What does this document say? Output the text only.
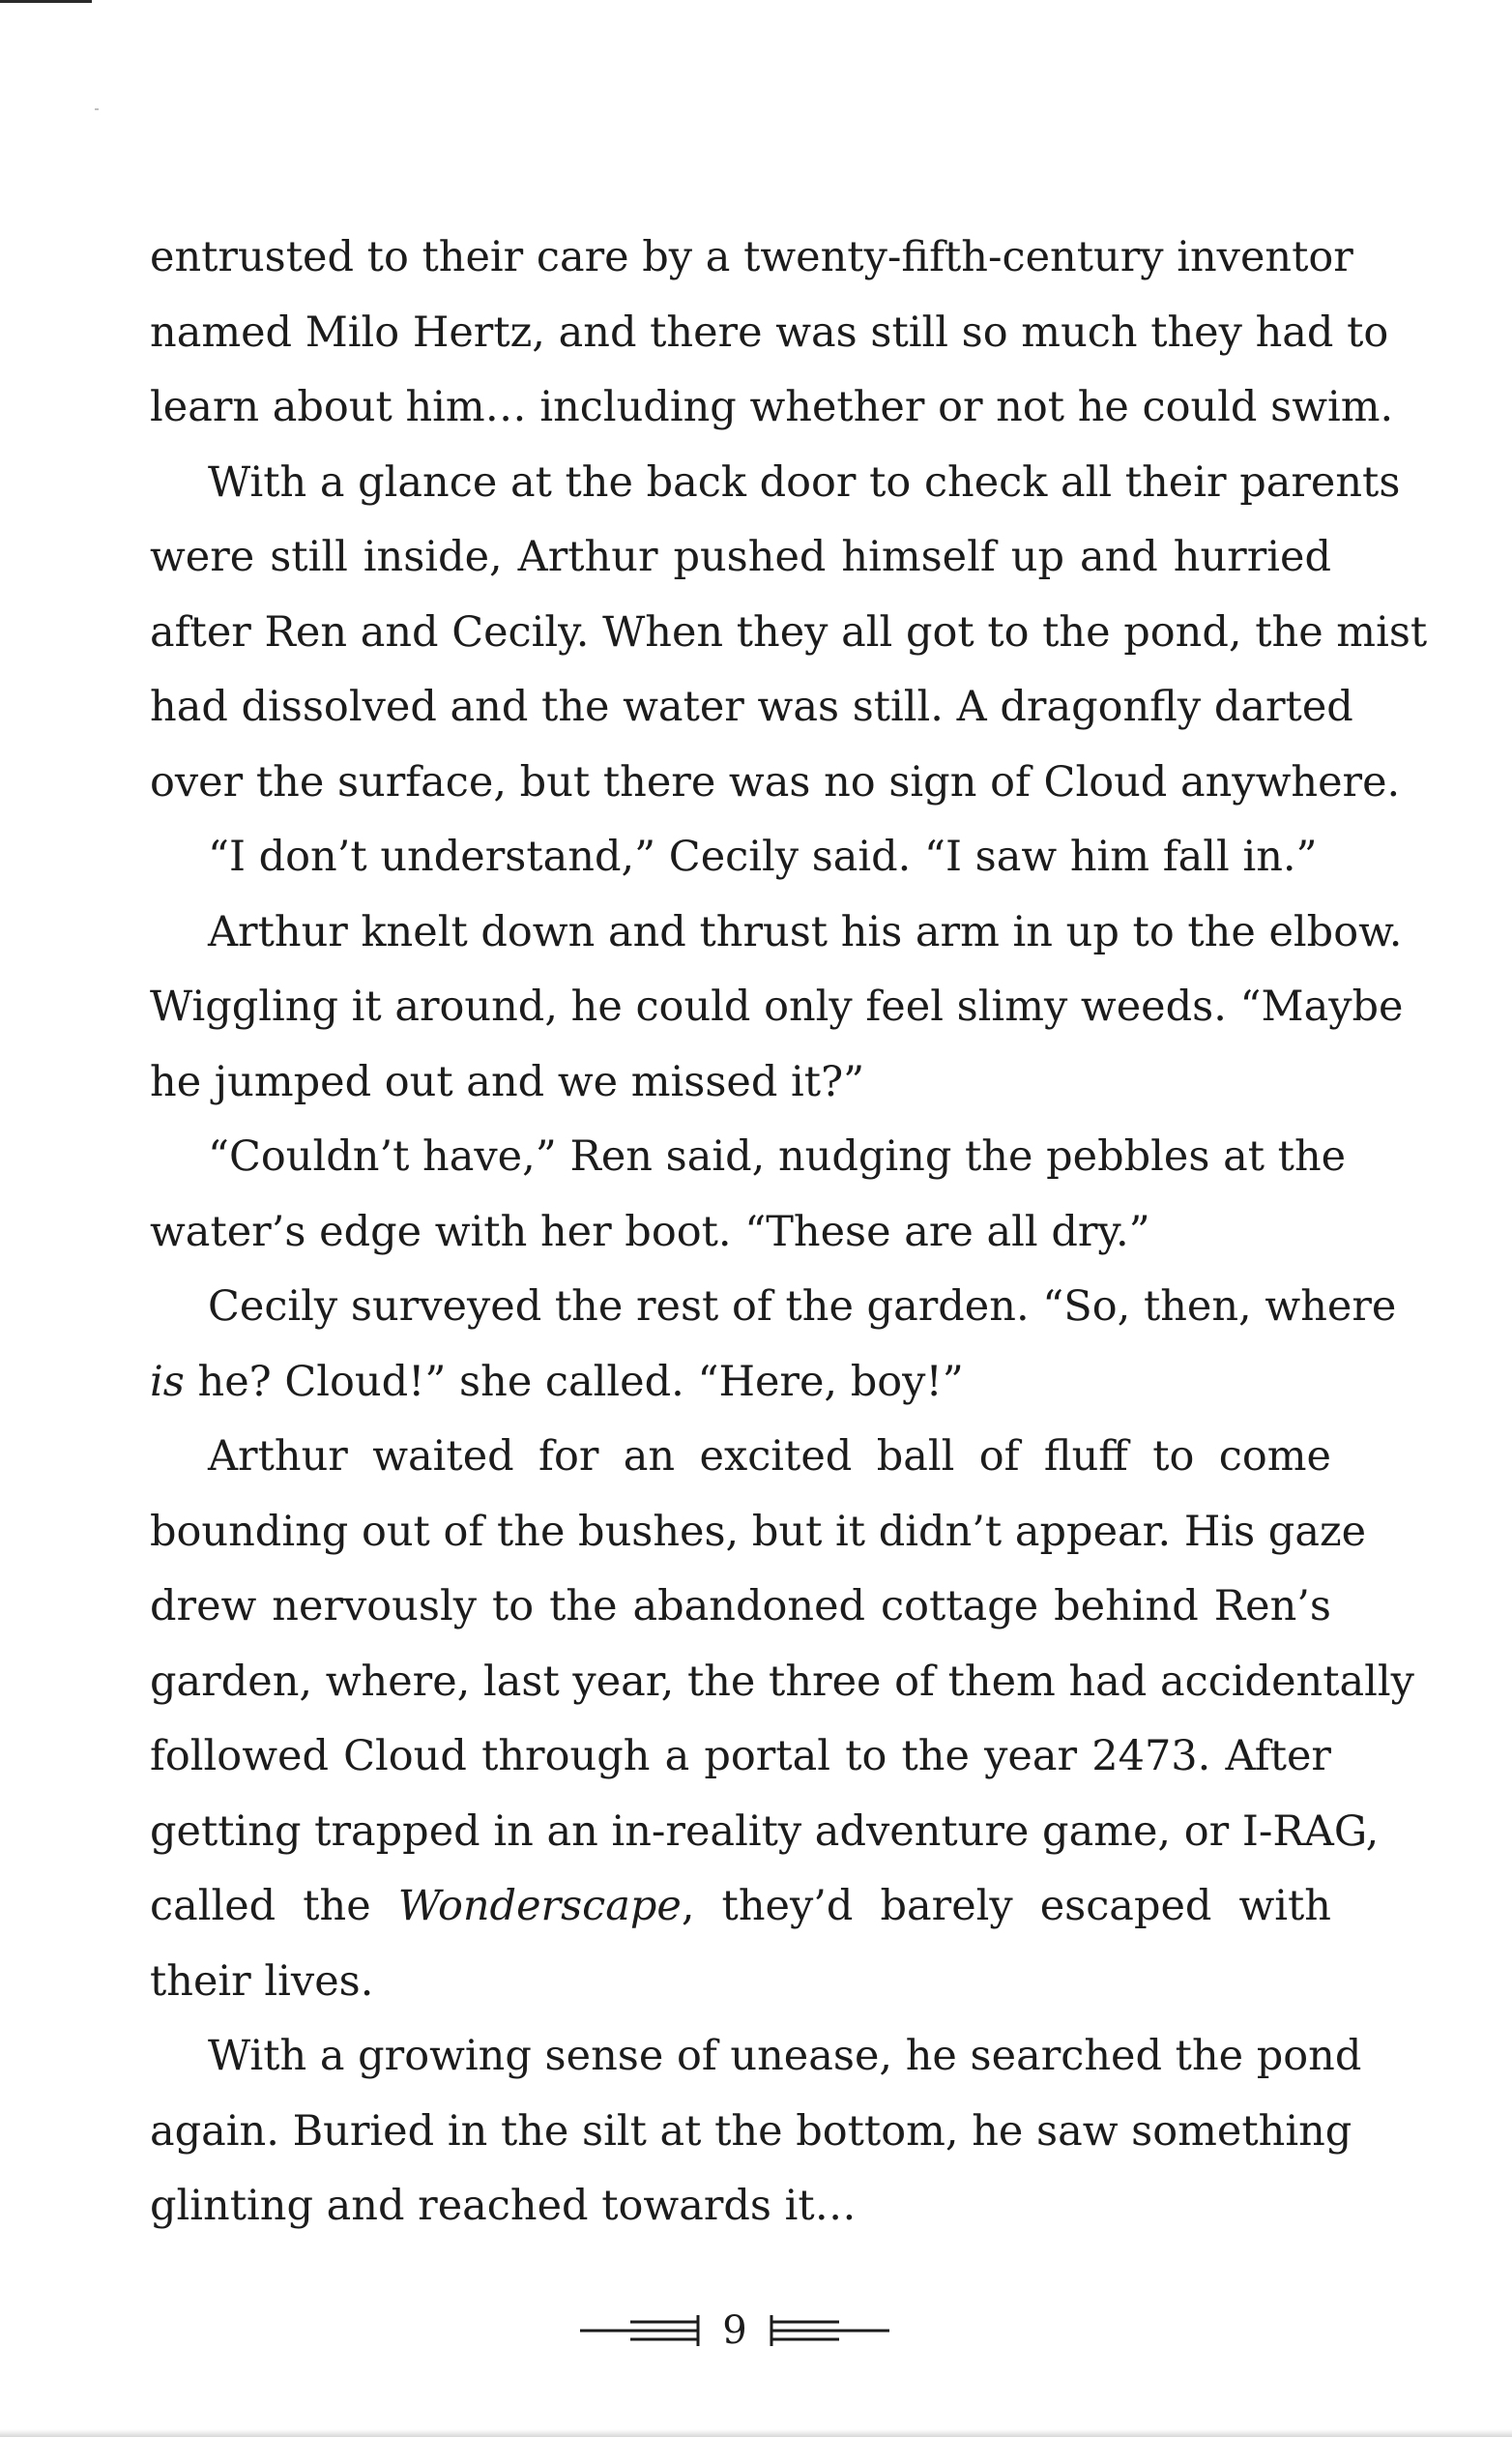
entrusted to their care by a twenty-fifth-century inventor
named Milo Hertz, and there was still so much they had to
learn about him… including whether or not he could swim.
With a glance at the back door to check all their parents
were still inside, Arthur pushed himself up and hurried
after Ren and Cecily. When they all got to the pond, the mist
had dissolved and the water was still. A dragonfly darted
over the surface, but there was no sign of Cloud anywhere.
“I don’t understand,” Cecily said. “I saw him fall in.”
Arthur knelt down and thrust his arm in up to the elbow.
Wiggling it around, he could only feel slimy weeds. “Maybe
he jumped out and we missed it?”
“Couldn’t have,” Ren said, nudging the pebbles at the
water’s edge with her boot. “These are all dry.”
Cecily surveyed the rest of the garden. “So, then, where
is he? Cloud!” she called. “Here, boy!”
Arthur waited for an excited ball of fluff to come
bounding out of the bushes, but it didn’t appear. His gaze
drew nervously to the abandoned cottage behind Ren’s
garden, where, last year, the three of them had accidentally
followed Cloud through a portal to the year 2473. After
getting trapped in an in-reality adventure game, or I-RAG,
called the Wonderscape, they’d barely escaped with
their lives.
With a growing sense of unease, he searched the pond
again. Buried in the silt at the bottom, he saw something
glinting and reached towards it…
9
